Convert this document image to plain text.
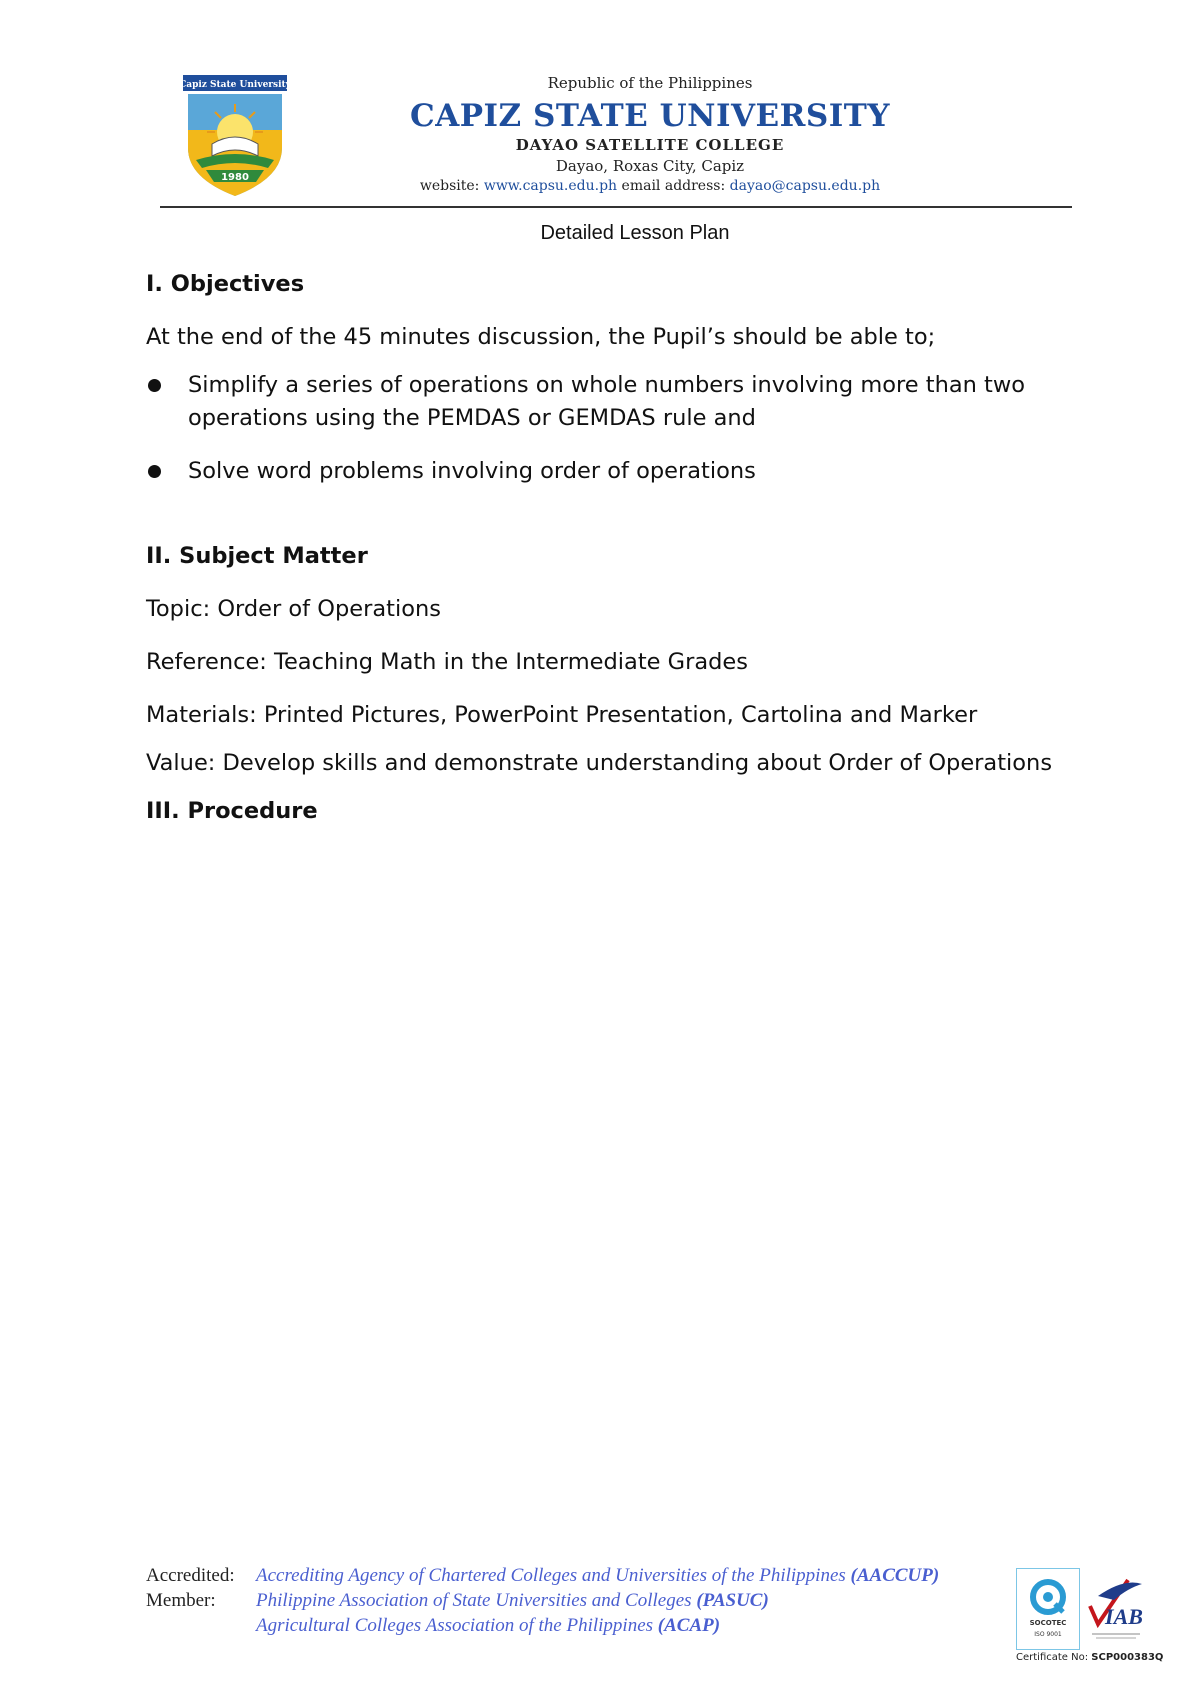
Capiz State University
1980
Republic of the Philippines
CAPIZ STATE UNIVERSITY
DAYAO SATELLITE COLLEGE
Dayao, Roxas City, Capiz
website: www.capsu.edu.ph email address: dayao@capsu.edu.ph
Detailed Lesson Plan
I. Objectives

At the end of the 45 minutes discussion, the Pupil’s should be able to;

Simplify a series of operations on whole numbers involving more than two operations using the PEMDAS or GEMDAS rule and
Solve word problems involving order of operations
II. Subject Matter

Topic: Order of Operations

Reference: Teaching Math in the Intermediate Grades

Materials: Printed Pictures, PowerPoint Presentation, Cartolina and Marker

Value: Develop skills and demonstrate understanding about Order of Operations

III. Procedure
Accredited: Accrediting Agency of Chartered Colleges and Universities of the Philippines (AACCUP)
Member: Philippine Association of State Universities and Colleges (PASUC)
Agricultural Colleges Association of the Philippines (ACAP)	SOCOTEC
ISO 9001
IAB
Certificate No: SCP000383Q
